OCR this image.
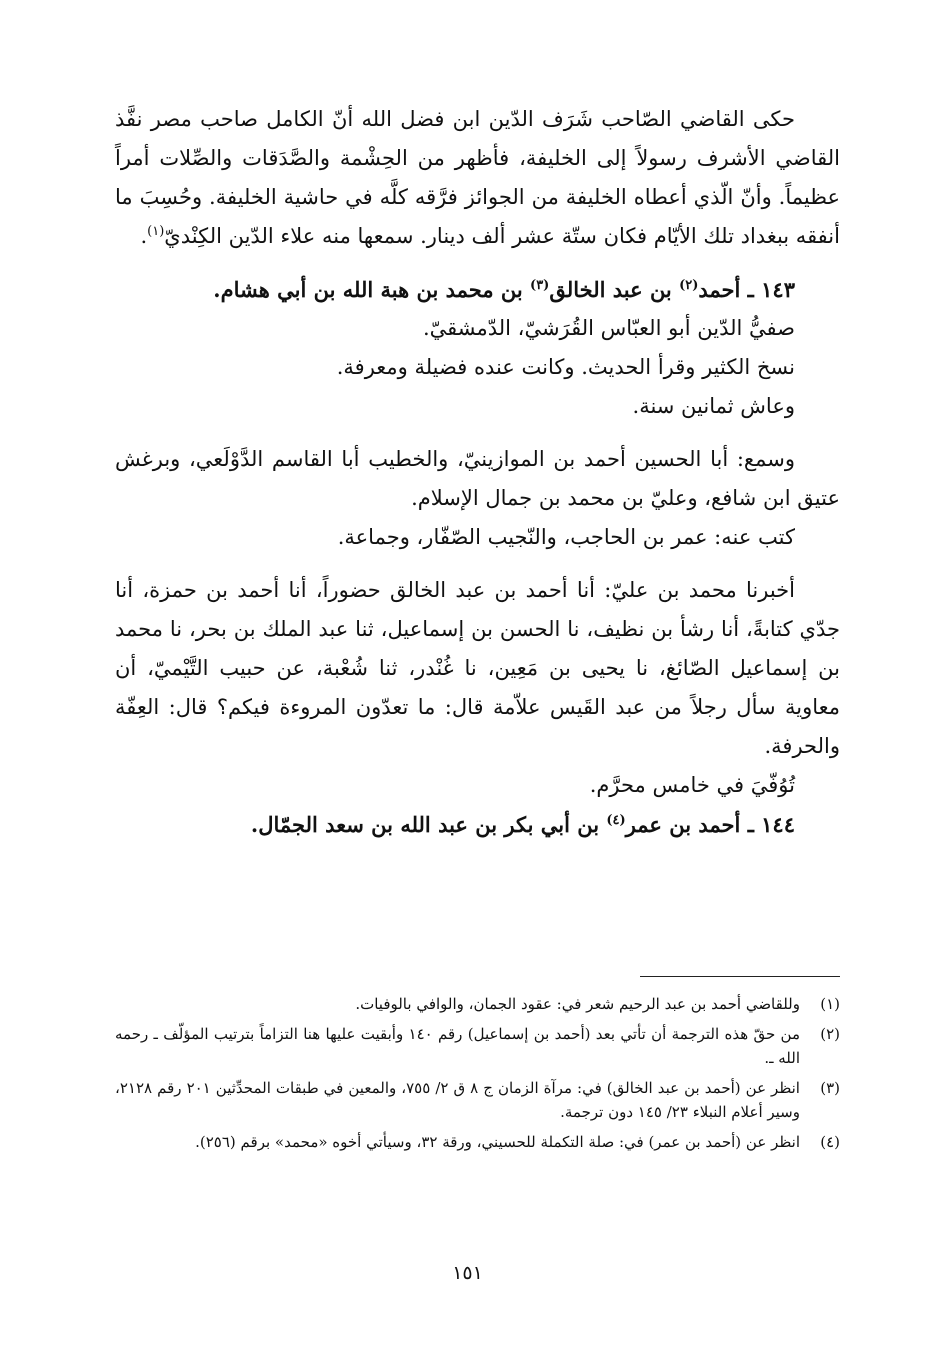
حكى القاضي الصّاحب شَرَف الدّين ابن فضل الله أنّ الكامل صاحب مصر نفَّذ القاضي الأشرف رسولاً إلى الخليفة، فأظهر من الحِشْمة والصَّدَقات والصِّلات أمراً عظيماً. وأنّ الّذي أعطاه الخليفة من الجوائز فرَّقه كلَّه في حاشية الخليفة. وحُسِبَ ما أنفقه ببغداد تلك الأيّام فكان ستّة عشر ألف دينار. سمعها منه علاء الدّين الكِنْديّ$^{(١)}$.

١٤٣ ـ أحمد$^{(٢)}$ بن عبد الخالق$^{(٣)}$ بن محمد بن هبة الله بن أبي هشام.

صفيُّ الدّين أبو العبّاس القُرَشيّ، الدّمشقيّ.

نسخ الكثير وقرأ الحديث. وكانت عنده فضيلة ومعرفة.

وعاش ثمانين سنة.

وسمع: أبا الحسين أحمد بن الموازينيّ، والخطيب أبا القاسم الدَّوْلَعي، وبرغش عتيق ابن شافع، وعليّ بن محمد بن جمال الإسلام.

كتب عنه: عمر بن الحاجب، والنّجيب الصّفّار، وجماعة.

أخبرنا محمد بن عليّ: أنا أحمد بن عبد الخالق حضوراً، أنا أحمد بن حمزة، أنا جدّي كتابةً، أنا رشأ بن نظيف، نا الحسن بن إسماعيل، ثنا عبد الملك بن بحر، نا محمد بن إسماعيل الصّائغ، نا يحيى بن مَعِين، نا غُنْدر، ثنا شُعْبة، عن حبيب التَّيْميّ، أن معاوية سأل رجلاً من عبد القَيس علاّمة قال: ما تعدّون المروءة فيكم؟ قال: العِفّة والحرفة.

تُوُفّيَ في خامس محرَّم.

١٤٤ ـ أحمد بن عمر$^{(٤)}$ بن أبي بكر بن عبد الله بن سعد الجمّال.

(١)
وللقاضي أحمد بن عبد الرحيم شعر في: عقود الجمان، والوافي بالوفيات.
(٢)
من حقّ هذه الترجمة أن تأتي بعد (أحمد بن إسماعيل) رقم ١٤٠ وأبقيت عليها هنا التزاماً بترتيب المؤلّف ـ رحمه الله ـ.
(٣)
انظر عن (أحمد بن عبد الخالق) في: مرآة الزمان ج ٨ ق ٢/ ٧٥٥، والمعين في طبقات المحدِّثين ٢٠١ رقم ٢١٢٨، وسير أعلام النبلاء ٢٣/ ١٤٥ دون ترجمة.
(٤)
انظر عن (أحمد بن عمر) في: صلة التكملة للحسيني، ورقة ٣٢، وسيأتي أخوه «محمد» برقم (٢٥٦).
١٥١
